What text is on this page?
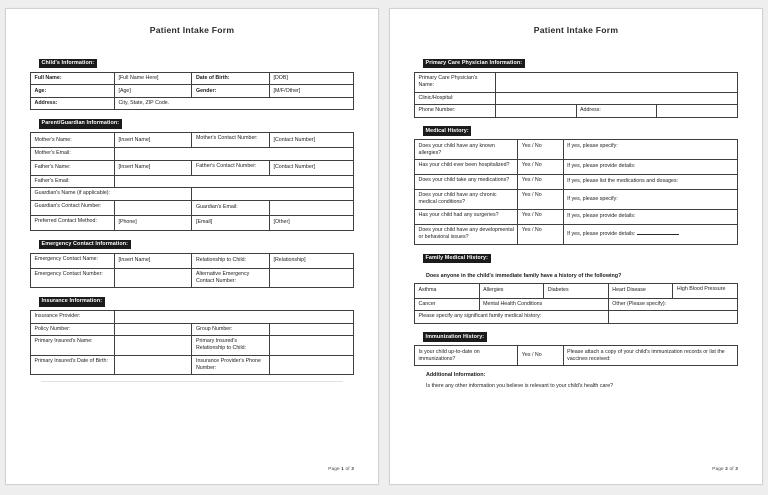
Patient Intake Form
Child's Information:
Full Name:	[Full Name Here]	Date of Birth:	[DOB]
Age:	[Age]	Gender:	[M/F/Other]
Address:	City, State, ZIP Code.		
Parent/Guardian Information:
Mother's Name:	[Insert Name]	Mother's Contact Number:	[Contact Number]
Mother's Email:			
Father's Name:	[Insert Name]	Father's Contact Number:	[Contact Number]
Father's Email:			
Guardian's Name (if applicable):			
Guardian's Contact Number:		Guardian's Email:	
Preferred Contact Method:	[Phone]	[Email]	[Other]
Emergency Contact Information:
Emergency Contact Name:	[Insert Name]	Relationship to Child:	[Relationship]
Emergency Contact Number:		Alternative Emergency Contact Number:	
Insurance Information:
Insurance Provider:			
Policy Number:		Group Number:	
Primary Insured's Name:		Primary Insured's Relationship to Child:	
Primary Insured's Date of Birth:		Insurance Provider's Phone Number:	
Page 1 of 3
Patient Intake Form
Primary Care Physician Information:
Primary Care Physician's Name:			
Clinic/Hospital:			
Phone Number:		Address:	
Medical History:
Does your child have any known allergies?	Yes / No	If yes, please specify:
Has your child ever been hospitalized?	Yes / No	If yes, please provide details:
Does your child take any medications?	Yes / No	If yes, please list the medications and dosages:
Does your child have any chronic medical conditions?	Yes / No	If yes, please specify:
Has your child had any surgeries?	Yes / No	If yes, please provide details:
Does your child have any developmental or behavioral issues?	Yes / No	If yes, please provide details:
Family Medical History:
Does anyone in the child's immediate family have a history of the following?
Asthma	Allergies	Diabetes	Heart Disease	High Blood Pressure
Cancer	Mental Health Conditions		Other (Please specify):	
Please specify any significant family medical history:				
Immunization History:
Is your child up-to-date on immunizations?	Yes / No	Please attach a copy of your child's immunization records or list the vaccines received:
Additional Information:
Is there any other information you believe is relevant to your child's health care?
Page 2 of 3
